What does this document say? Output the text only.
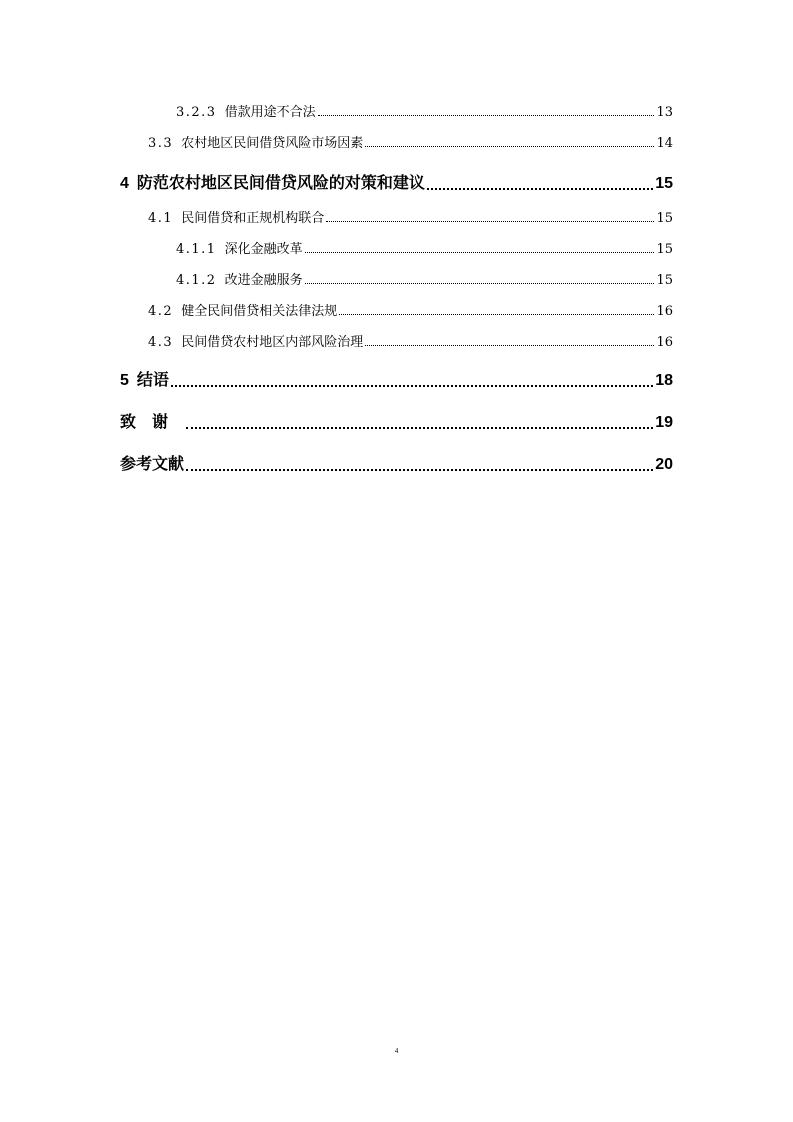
3.2.3 借款用途不合法	13
3.3 农村地区民间借贷风险市场因素	14
4 防范农村地区民间借贷风险的对策和建议	15
4.1 民间借贷和正规机构联合	15
4.1.1 深化金融改革	15
4.1.2 改进金融服务	15
4.2 健全民间借贷相关法律法规	16
4.3 民间借贷农村地区内部风险治理	16
5 结语	18
致谢	19
参考文献	20
4
